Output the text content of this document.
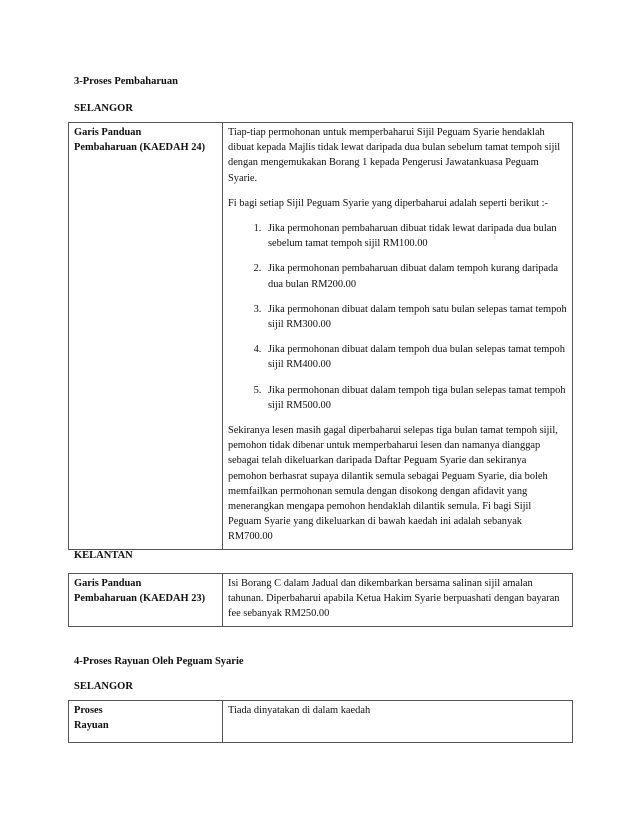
3-Proses Pembaharuan
SELANGOR
Garis Panduan
Pembaharuan (KAEDAH 24)

Tiap-tiap permohonan untuk memperbaharui Sijil Peguam Syarie hendaklah dibuat kepada Majlis tidak lewat daripada dua bulan sebelum tamat tempoh sijil dengan mengemukakan Borang 1 kepada Pengerusi Jawatankuasa Peguam Syarie.

Fi bagi setiap Sijil Peguam Syarie yang diperbaharui adalah seperti berikut :-

1. Jika permohonan pembaharuan dibuat tidak lewat daripada dua bulan sebelum tamat tempoh sijil RM100.00
2. Jika permohonan pembaharuan dibuat dalam tempoh kurang daripada dua bulan RM200.00
3. Jika permohonan dibuat dalam tempoh satu bulan selepas tamat tempoh sijil RM300.00
4. Jika permohonan dibuat dalam tempoh dua bulan selepas tamat tempoh sijil RM400.00
5. Jika permohonan dibuat dalam tempoh tiga bulan selepas tamat tempoh sijil RM500.00

Sekiranya lesen masih gagal diperbaharui selepas tiga bulan tamat tempoh sijil, pemohon tidak dibenar untuk memperbaharui lesen dan namanya dianggap sebagai telah dikeluarkan daripada Daftar Peguam Syarie dan sekiranya pemohon berhasrat supaya dilantik semula sebagai Peguam Syarie, dia boleh memfailkan permohonan semula dengan disokong dengan afidavit yang menerangkan mengapa pemohon hendaklah dilantik semula. Fi bagi Sijil Peguam Syarie yang dikeluarkan di bawah kaedah ini adalah sebanyak RM700.00

KELANTAN
Garis Panduan
Pembaharuan (KAEDAH 23)

Isi Borang C dalam Jadual dan dikembarkan bersama salinan sijil amalan tahunan. Diperbaharui apabila Ketua Hakim Syarie berpuashati dengan bayaran fee sebanyak RM250.00

4-Proses Rayuan Oleh Peguam Syarie
SELANGOR
Proses
Rayuan

Tiada dinyatakan di dalam kaedah
